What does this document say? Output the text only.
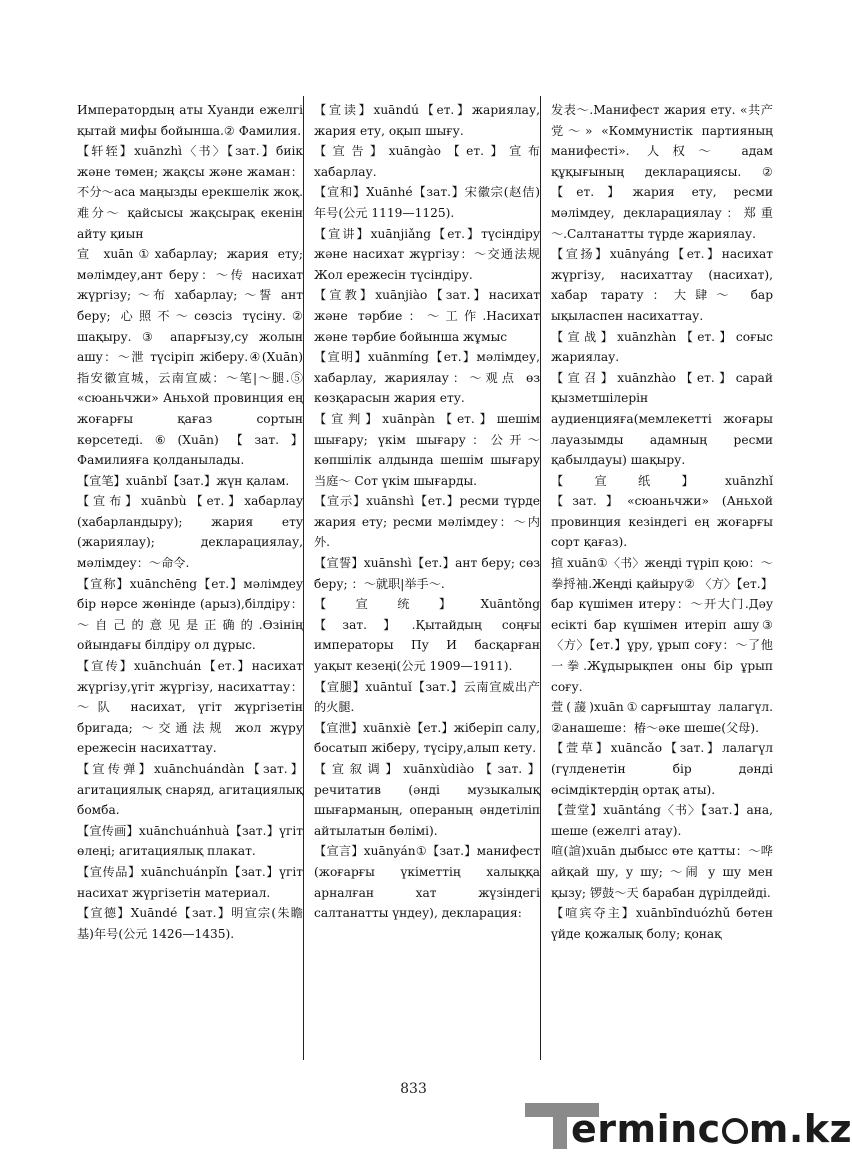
Императордың аты Хуанди ежелгі қытай мифы бойынша.② Фамилия.

【轩轾】xuānzhì〈书〉【зат.】биік және төмен; жақсы және жаман：不分～аса маңызды ерекшелік жоқ.难分～ қайсысы жақсырақ екенін айту қиын

宣 xuān①хабарлау; жария ету; мәлімдеу,ант беру：～传 насихат жүргізу; ～布 хабарлау; ～誓 ант беру; 心照不～сөзсіз түсіну.② шақыру. ③ апарғызу,су жолын ашу：～泄 түсіріп жіберу.④(Xuān) 指安徽宣城，云南宣威：～笔|～腿.⑤ «сюаньчжи» Аньхой провинция ең жоғарғы қағаз сортын көрсетеді.⑥(Xuān)【зат.】Фамилияға қолданылады.

【宣笔】xuānbǐ【зат.】жүн қалам.

【宣布】xuānbù【ет.】хабарлау (хабарландыру); жария ету (жариялау); декларациялау, мәлімдеу：～命令.

【宣称】xuānchēng【ет.】мәлімдеу бір нәрсе жөнінде (арыз),білдіру：～自己的意见是正确的.Өзінің ойындағы білдіру ол дұрыс.

【宣传】xuānchuán【ет.】насихат жүргізу,үгіт жүргізу, насихаттау：～队 насихат, үгіт жүргізетін бригада; ～交通法规 жол жүру ережесін насихаттау.

【宣传弹】xuānchuándàn【зат.】агитациялық снаряд, агитациялық бомба.

【宣传画】xuānchuánhuà【зат.】үгіт өлеңі; агитациялық плакат.

【宣传品】xuānchuánpǐn【зат.】үгіт насихат жүргізетін материал.

【宣德】Xuāndé【зат.】明宣宗(朱瞻基)年号(公元 1426—1435).

【宣读】xuāndú【ет.】жариялау, жария ету, оқып шығу.

【宣告】xuāngào【ет.】宣布 хабарлау.

【宣和】Xuānhé【зат.】宋徽宗(赵佶)年号(公元 1119—1125).

【宣讲】xuānjiǎng【ет.】түсіндіру және насихат жүргізу：～交通法规 Жол ережесін түсіндіру.

【宣教】xuānjiào【зат.】насихат және тәрбие：～工作.Насихат және тәрбие бойынша жұмыс

【宣明】xuānmíng【ет.】мәлімдеу, хабарлау, жариялау：～观点 өз көзқарасын жария ету.

【宣判】xuānpàn【ет.】шешім шығару; үкім шығару：公开～ көпшілік алдында шешім шығару 当庭～ Сот үкім шығарды.

【宣示】xuānshì【ет.】ресми түрде жария ету; ресми мәлімдеу：～内外.

【宣誓】xuānshì【ет.】ант беру; сөз беру; ：～就职|举手～.

【宣统】Xuāntǒng【зат.】.Қытайдың соңғы императоры Пу И басқарған уақыт кезеңі(公元 1909—1911).

【宣腿】xuāntuǐ【зат.】云南宣威出产的火腿.

【宣泄】xuānxiè【ет.】жіберіп салу, босатып жіберу, түсіру,алып кету.

【宣叙调】xuānxùdiào【зат.】речитатив (әнді музыкалық шығарманың, операның әндетіліп айтылатын бөлімі).

【宣言】xuānyán①【зат.】манифест (жоғарғы үкіметтің халыққа арналған хат жүзіндегі салтанатты үндеу), декларация:

发表～.Манифест жария ету. «共产党～» «Коммунистік партияның манифесті». 人权～ адам құқығының декларациясы. ②【ет.】жария ету, ресми мәлімдеу, декларациялау：郑重～.Салтанатты түрде жариялау.

【宣扬】xuānyáng【ет.】насихат жүргізу, насихаттау (насихат), хабар тарату：大肆～ бар ықыласпен насихаттау.

【宣战】xuānzhàn【ет.】соғыс жариялау.

【宣召】xuānzhào【ет.】сарай қызметшілерін аудиенцияға(мемлекетті жоғары лауазымды адамның ресми қабылдауы) шақыру.

【宣纸】xuānzhǐ【зат.】«сюаньчжи» (Аньхой провинция кезіндегі ең жоғарғы сорт қағаз).

揎 xuān①〈书〉жеңді түріп қою：～拳捋袖.Жеңді қайыру② 〈方〉【ет.】бар күшімен итеру：～开大门.Дәу есікті бар күшімен итеріп ашу③〈方〉【ет.】ұру, ұрып соғу：～了他一拳.Жұдырықпен оны бір ұрып соғу.

萱(蘐)xuān①сарғыштау лалагүл. ②анашеше：椿～әке шеше(父母).

【萱草】xuāncǎo【зат.】лалагүл (гүлденетін бір дәнді өсімдіктердің ортақ аты).

【萱堂】xuāntáng〈书〉【зат.】ана, шеше (ежелгі атау).

喧(諠)xuān дыбысс өте қатты：～哗 айқай шу, у шу; ～闹 у шу мен қызу; 锣鼓～天 барабан дүрілдейді.

【喧宾夺主】xuānbīnduózhǔ бөтен үйде қожалық болу; қонақ

833
erminc m.kz
